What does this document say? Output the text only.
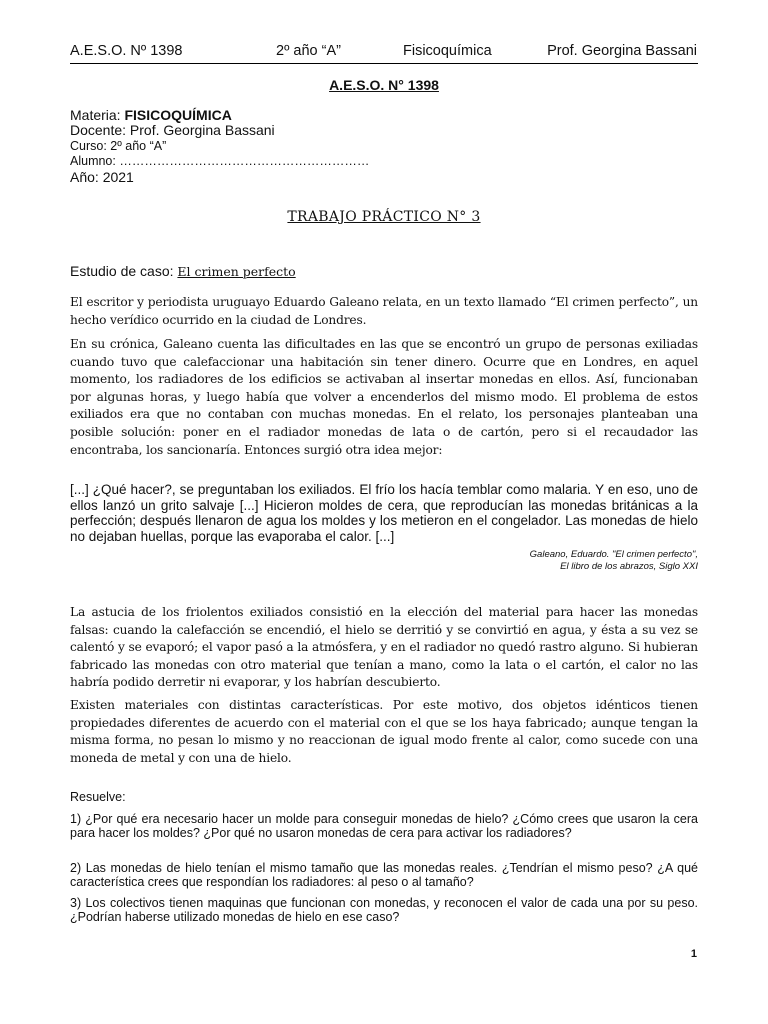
A.E.S.O. Nº 1398	2º año “A”	Fisicoquímica	Prof. Georgina Bassani
A.E.S.O. N° 1398
Materia: FISICOQUÍMICA
Docente: Prof. Georgina Bassani
Curso: 2º año “A”
Alumno: ……………………………………………………
Año: 2021
TRABAJO PRÁCTICO N° 3
Estudio de caso: El crimen perfecto

El escritor y periodista uruguayo Eduardo Galeano relata, en un texto llamado “El crimen perfecto”, un hecho verídico ocurrido en la ciudad de Londres.

En su crónica, Galeano cuenta las dificultades en las que se encontró un grupo de personas exiliadas cuando tuvo que calefaccionar una habitación sin tener dinero. Ocurre que en Londres, en aquel momento, los radiadores de los edificios se activaban al insertar monedas en ellos. Así, funcionaban por algunas horas, y luego había que volver a encenderlos del mismo modo. El problema de estos exiliados era que no contaban con muchas monedas. En el relato, los personajes planteaban una posible solución: poner en el radiador monedas de lata o de cartón, pero si el recaudador las encontraba, los sancionaría. Entonces surgió otra idea mejor:

[...] ¿Qué hacer?, se preguntaban los exiliados. El frío los hacía temblar como malaria. Y en eso, uno de ellos lanzó un grito salvaje [...] Hicieron moldes de cera, que reproducían las monedas británicas a la perfección; después llenaron de agua los moldes y los metieron en el congelador. Las monedas de hielo no dejaban huellas, porque las evaporaba el calor. [...]

Galeano, Eduardo. "El crimen perfecto",
El libro de los abrazos, Siglo XXI

La astucia de los friolentos exiliados consistió en la elección del material para hacer las monedas falsas: cuando la calefacción se encendió, el hielo se derritió y se convirtió en agua, y ésta a su vez se calentó y se evaporó; el vapor pasó a la atmósfera, y en el radiador no quedó rastro alguno. Si hubieran fabricado las monedas con otro material que tenían a mano, como la lata o el cartón, el calor no las habría podido derretir ni evaporar, y los habrían descubierto.

Existen materiales con distintas características. Por este motivo, dos objetos idénticos tienen propiedades diferentes de acuerdo con el material con el que se los haya fabricado; aunque tengan la misma forma, no pesan lo mismo y no reaccionan de igual modo frente al calor, como sucede con una moneda de metal y con una de hielo.

Resuelve:

1) ¿Por qué era necesario hacer un molde para conseguir monedas de hielo? ¿Cómo crees que usaron la cera para hacer los moldes? ¿Por qué no usaron monedas de cera para activar los radiadores?

2) Las monedas de hielo tenían el mismo tamaño que las monedas reales. ¿Tendrían el mismo peso? ¿A qué característica crees que respondían los radiadores: al peso o al tamaño?

3) Los colectivos tienen maquinas que funcionan con monedas, y reconocen el valor de cada una por su peso. ¿Podrían haberse utilizado monedas de hielo en ese caso?

1
